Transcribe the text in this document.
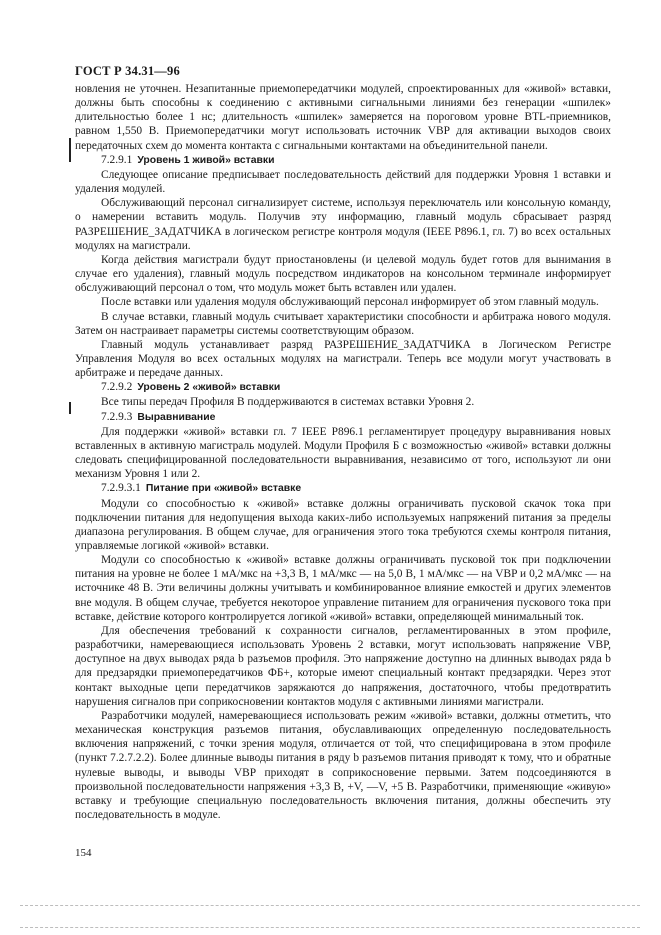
ГОСТ Р 34.31—96

новления не уточнен. Незапитанные приемопередатчики модулей, спроектированных для «живой» вставки, должны быть способны к соединению с активными сигнальными линиями без генерации «шпилек» длительностью более 1 нс; длительность «шпилек» замеряется на пороговом уровне BTL-приемников, равном 1,550 В. Приемопередатчики могут использовать источник VBP для активации выходов своих передаточных схем до момента контакта с сигнальными контактами на объединительной панели.

7.2.9.1 Уровень 1 живой» вставки

Следующее описание предписывает последовательность действий для поддержки Уровня 1 вставки и удаления модулей.

Обслуживающий персонал сигнализирует системе, используя переключатель или консольную команду, о намерении вставить модуль. Получив эту информацию, главный модуль сбрасывает разряд РАЗРЕШЕНИЕ_ЗАДАТЧИКА в логическом регистре контроля модуля (IEEE P896.1, гл. 7) во всех остальных модулях на магистрали.

Когда действия магистрали будут приостановлены (и целевой модуль будет готов для вынимания в случае его удаления), главный модуль посредством индикаторов на консольном терминале информирует обслуживающий персонал о том, что модуль может быть вставлен или удален.

После вставки или удаления модуля обслуживающий персонал информирует об этом главный модуль.

В случае вставки, главный модуль считывает характеристики способности и арбитража нового модуля. Затем он настраивает параметры системы соответствующим образом.

Главный модуль устанавливает разряд РАЗРЕШЕНИЕ_ЗАДАТЧИКА в Логическом Регистре Управления Модуля во всех остальных модулях на магистрали. Теперь все модули могут участвовать в арбитраже и передаче данных.

7.2.9.2 Уровень 2 «живой» вставки

Все типы передач Профиля В поддерживаются в системах вставки Уровня 2.

7.2.9.3 Выравнивание

Для поддержки «живой» вставки гл. 7 IEEE Р896.1 регламентирует процедуру выравнивания новых вставленных в активную магистраль модулей. Модули Профиля Б с возможностью «живой» вставки должны следовать специфицированной последовательности выравнивания, независимо от того, используют ли они механизм Уровня 1 или 2.

7.2.9.3.1 Питание при «живой» вставке

Модули со способностью к «живой» вставке должны ограничивать пусковой скачок тока при подключении питания для недопущения выхода каких-либо используемых напряжений питания за пределы диапазона регулирования. В общем случае, для ограничения этого тока требуются схемы контроля питания, управляемые логикой «живой» вставки.

Модули со способностью к «живой» вставке должны ограничивать пусковой ток при подключении питания на уровне не более 1 мА/мкс на +3,3 В, 1 мА/мкс — на 5,0 В, 1 мА/мкс — на VBP и 0,2 мА/мкс — на источнике 48 В. Эти величины должны учитывать и комбинированное влияние емкостей и других элементов вне модуля. В общем случае, требуется некоторое управление питанием для ограничения пускового тока при вставке, действие которого контролируется логикой «живой» вставки, определяющей минимальный ток.

Для обеспечения требований к сохранности сигналов, регламентированных в этом профиле, разработчики, намеревающиеся использовать Уровень 2 вставки, могут использовать напряжение VBP, доступное на двух выводах ряда b разъемов профиля. Это напряжение доступно на длинных выводах ряда b для предзарядки приемопередатчиков ФБ+, которые имеют специальный контакт предзарядки. Через этот контакт выходные цепи передатчиков заряжаются до напряжения, достаточного, чтобы предотвратить нарушения сигналов при соприкосновении контактов модуля с активными линиями магистрали.

Разработчики модулей, намеревающиеся использовать режим «живой» вставки, должны отметить, что механическая конструкция разъемов питания, обуславливающих определенную последовательность включения напряжений, с точки зрения модуля, отличается от той, что специфицирована в этом профиле (пункт 7.2.7.2.2). Более длинные выводы питания в ряду b разъемов питания приводят к тому, что и обратные нулевые выводы, и выводы VBP приходят в соприкосновение первыми. Затем подсоединяются в произвольной последовательности напряжения +3,3 В, +V, —V, +5 В. Разработчики, применяющие «живую» вставку и требующие специальную последовательность включения питания, должны обеспечить эту последовательность в модуле.

154
